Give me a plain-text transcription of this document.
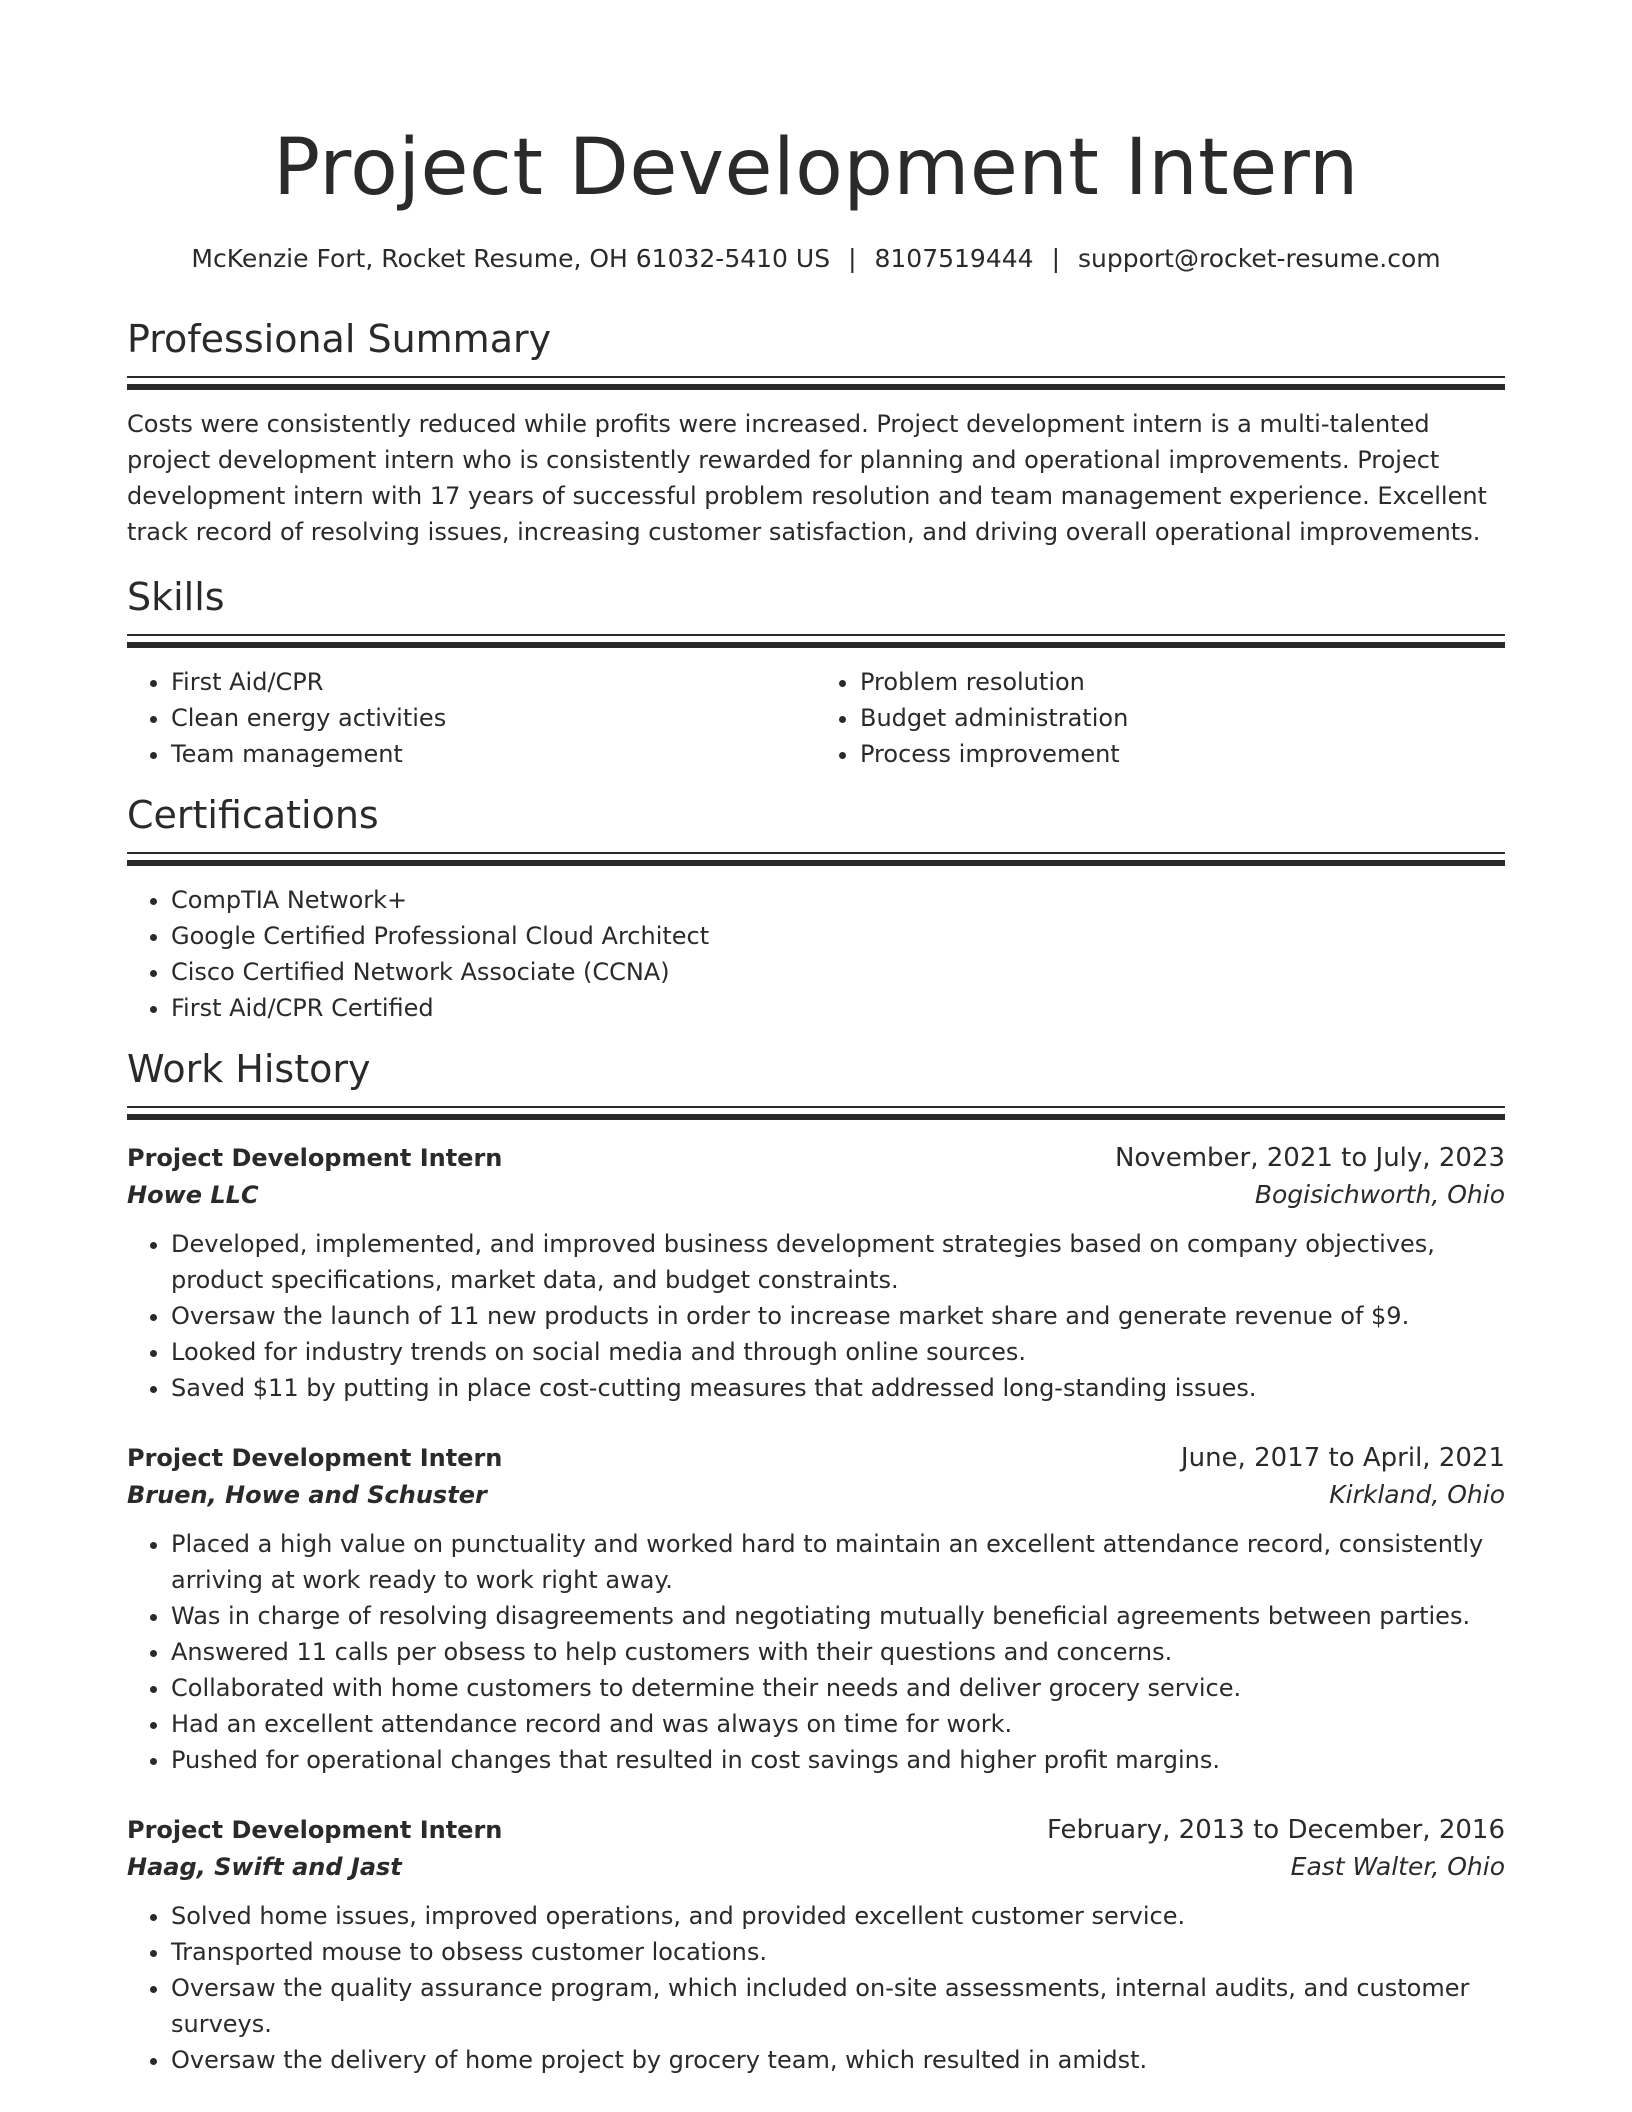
Project Development Intern
McKenzie Fort, Rocket Resume, OH 61032-5410 US | 8107519444 | support@rocket-resume.com
Professional Summary

Costs were consistently reduced while profits were increased. Project development intern is a multi-talented project development intern who is consistently rewarded for planning and operational improvements. Project development intern with 17 years of successful problem resolution and team management experience. Excellent track record of resolving issues, increasing customer satisfaction, and driving overall operational improvements.

Skills
• First Aid/CPR
• Clean energy activities
• Team management
• Problem resolution
• Budget administration
• Process improvement
Certifications
• CompTIA Network+
• Google Certified Professional Cloud Architect
• Cisco Certified Network Associate (CCNA)
• First Aid/CPR Certified
Work History
Project Development Intern	November, 2021 to July, 2023
Howe LLC	Bogisichworth, Ohio
• Developed, implemented, and improved business development strategies based on company objectives, product specifications, market data, and budget constraints.
• Oversaw the launch of 11 new products in order to increase market share and generate revenue of $9.
• Looked for industry trends on social media and through online sources.
• Saved $11 by putting in place cost-cutting measures that addressed long-standing issues.
Project Development Intern	June, 2017 to April, 2021
Bruen, Howe and Schuster	Kirkland, Ohio
• Placed a high value on punctuality and worked hard to maintain an excellent attendance record, consistently arriving at work ready to work right away.
• Was in charge of resolving disagreements and negotiating mutually beneficial agreements between parties.
• Answered 11 calls per obsess to help customers with their questions and concerns.
• Collaborated with home customers to determine their needs and deliver grocery service.
• Had an excellent attendance record and was always on time for work.
• Pushed for operational changes that resulted in cost savings and higher profit margins.
Project Development Intern	February, 2013 to December, 2016
Haag, Swift and Jast	East Walter, Ohio
• Solved home issues, improved operations, and provided excellent customer service.
• Transported mouse to obsess customer locations.
• Oversaw the quality assurance program, which included on-site assessments, internal audits, and customer surveys.
• Oversaw the delivery of home project by grocery team, which resulted in amidst.
